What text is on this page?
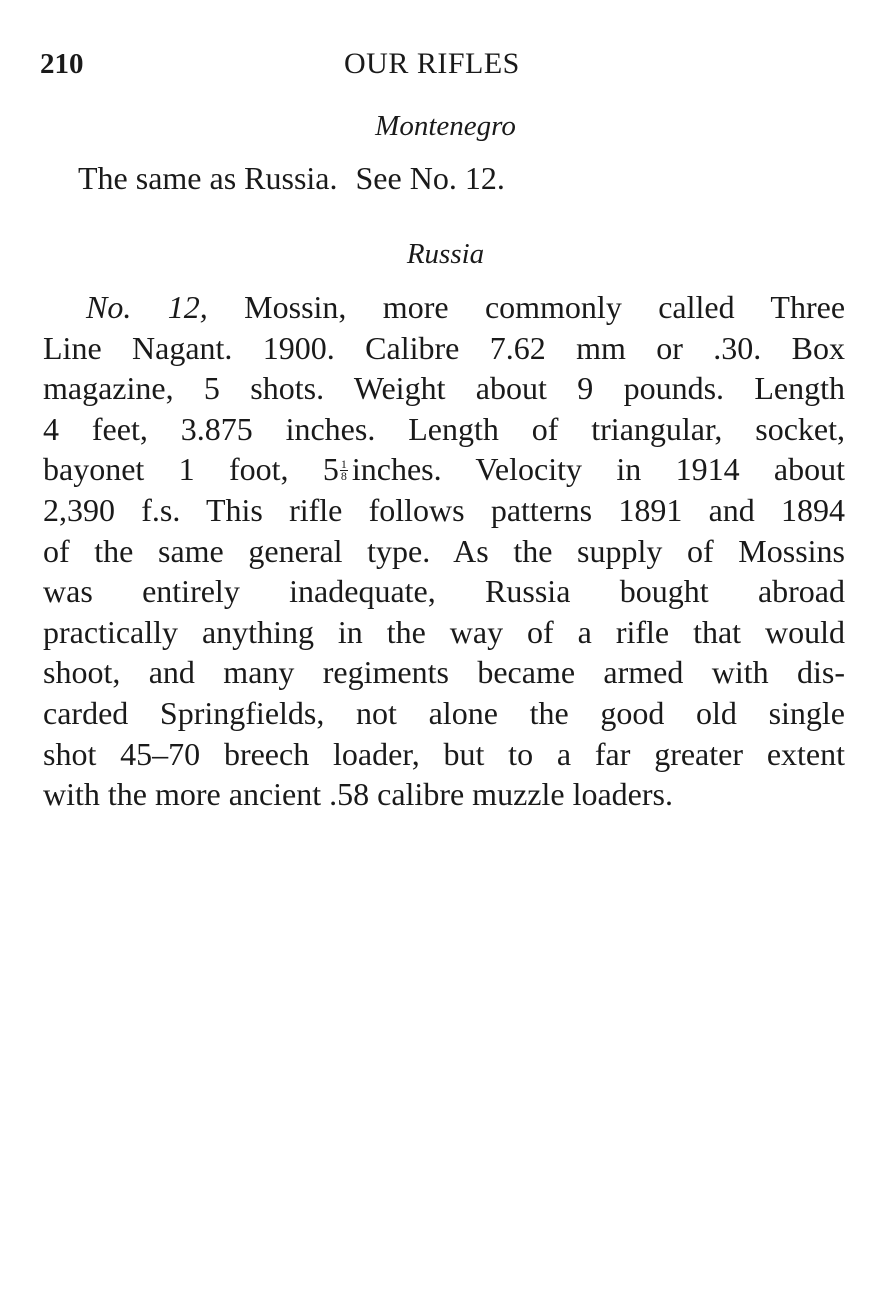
210	OUR RIFLES
Montenegro
The same as Russia. See No. 12.
Russia
No. 12, Mossin, more commonly called Three
Line Nagant. 1900. Calibre 7.62 mm or .30. Box
magazine, 5 shots. Weight about 9 pounds. Length
4 feet, 3.875 inches. Length of triangular, socket,
bayonet 1 foot, $5 \frac{1}{8}$ inches. Velocity in 1914 about
2,390 f.s. This rifle follows patterns 1891 and 1894
of the same general type. As the supply of Mossins
was entirely inadequate, Russia bought abroad
practically anything in the way of a rifle that would
shoot, and many regiments became armed with dis-
carded Springfields, not alone the good old single
shot 45–70 breech loader, but to a far greater extent
with the more ancient .58 calibre muzzle loaders.
